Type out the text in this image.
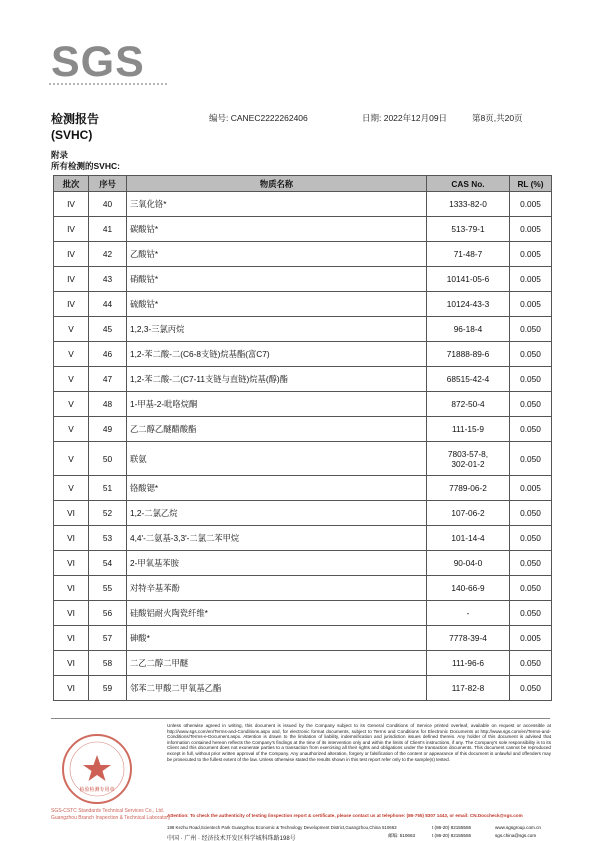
SGS
检测报告
(SVHC)
编号: CANEC2222262406	日期: 2022年12月09日	第8页,共20页
附录
所有检测的SVHC:
批次	序号	物质名称	CAS No.	RL (%)
IV	40	三氧化铬*	1333-82-0	0.005
IV	41	碳酸钴*	513-79-1	0.005
IV	42	乙酸钴*	71-48-7	0.005
IV	43	硝酸钴*	10141-05-6	0.005
IV	44	硫酸钴*	10124-43-3	0.005
V	45	1,2,3-三氯丙烷	96-18-4	0.050
V	46	1,2-苯二酸-二(C6-8支链)烷基酯(富C7)	71888-89-6	0.050
V	47	1,2-苯二酸-二(C7-11支链与直链)烷基(醇)酯	68515-42-4	0.050
V	48	1-甲基-2-吡咯烷酮	872-50-4	0.050
V	49	乙二醇乙醚醋酸酯	111-15-9	0.050
V	50	联氨	7803-57-8,
302-01-2	0.050
V	51	铬酸锶*	7789-06-2	0.005
VI	52	1,2-二氯乙烷	107-06-2	0.050
VI	53	4,4'-二氨基-3,3'-二氯二苯甲烷	101-14-4	0.050
VI	54	2-甲氧基苯胺	90-04-0	0.050
VI	55	对特辛基苯酚	140-66-9	0.050
VI	56	硅酸铝耐火陶瓷纤维*	-	0.050
VI	57	砷酸*	7778-39-4	0.005
VI	58	二乙二醇二甲醚	111-96-6	0.050
VI	59	邻苯二甲酸二甲氧基乙酯	117-82-8	0.050
检验检测专用章
SGS-CSTC Standards Technical Services Co., Ltd.
Guangzhou Branch Inspection & Technical Laboratory
Unless otherwise agreed in writing, this document is issued by the Company subject to its General Conditions of Service printed overleaf, available on request or accessible at http://www.sgs.com/en/Terms-and-Conditions.aspx and, for electronic format documents, subject to Terms and Conditions for Electronic Documents at http://www.sgs.com/en/Terms-and-Conditions/Terms-e-Document.aspx. Attention is drawn to the limitation of liability, indemnification and jurisdiction issues defined therein. Any holder of this document is advised that information contained hereon reflects the Company's findings at the time of its intervention only and within the limits of Client's instructions, if any. The Company's sole responsibility is to its Client and this document does not exonerate parties to a transaction from exercising all their rights and obligations under the transaction documents. This document cannot be reproduced except in full, without prior written approval of the Company. Any unauthorized alteration, forgery or falsification of the content or appearance of this document is unlawful and offenders may be prosecuted to the fullest extent of the law. Unless otherwise stated the results shown in this test report refer only to the sample(s) tested.
Attention: To check the authenticity of testing /inspection report & certificate, please contact us at telephone: (86-755) 8307 1443, or email: CN.Doccheck@sgs.com
198 Kezhu Road,Scientech Park Guangzhou Economic & Technology Development District,Guangzhou,China 510663
中国 · 广州 · 经济技术开发区科学城科珠路198号
邮编: 510663
t (86-20) 82155555
t (86-20) 82155555
www.sgsgroup.com.cn
sgs.china@sgs.com
